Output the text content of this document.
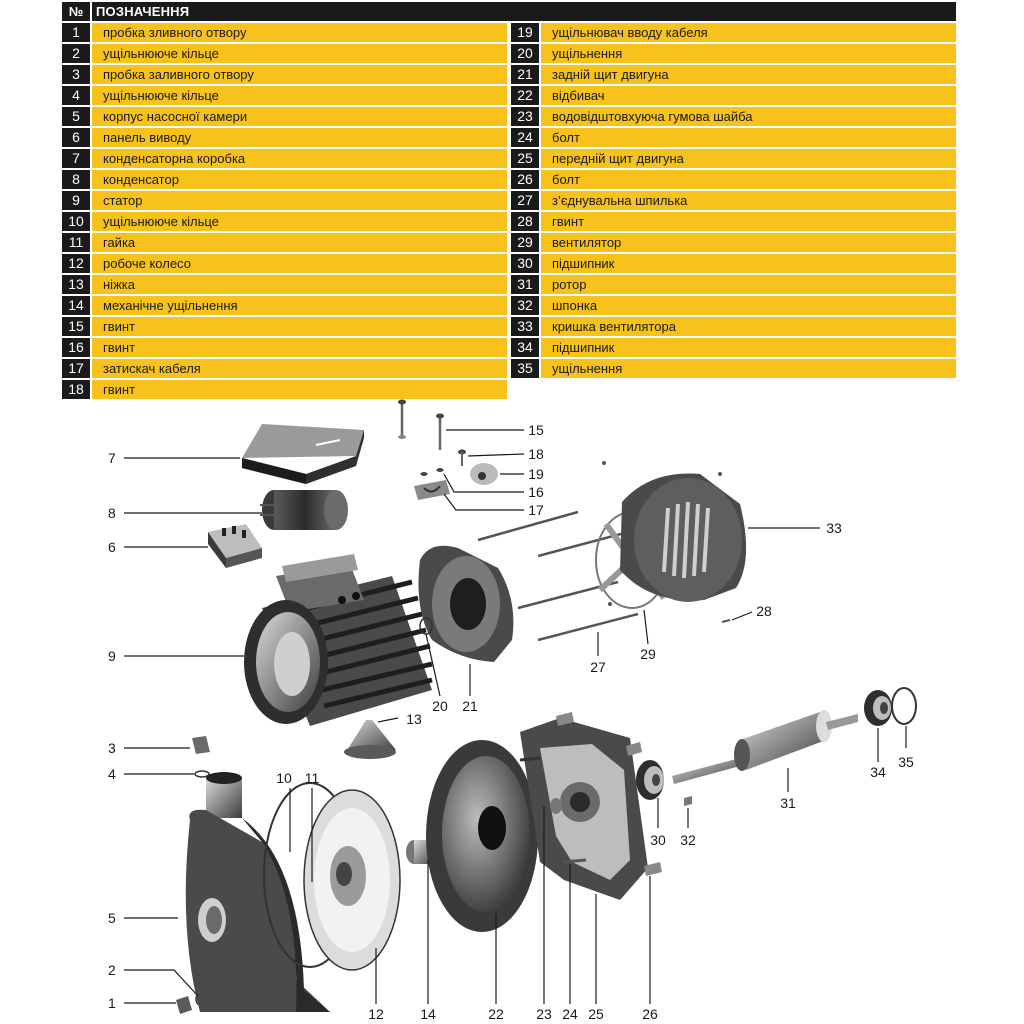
№ ПОЗНАЧЕННЯ
1	пробка зливного отвору
2	ущільнююче кільце
3	пробка заливного отвору
4	ущільнююче кільце
5	корпус насосної камери
6	панель виводу
7	конденсаторна коробка
8	конденсатор
9	статор
10	ущільнююче кільце
11	гайка
12	робоче колесо
13	ніжка
14	механічне ущільнення
15	гвинт
16	гвинт
17	затискач кабеля
18	гвинт
19	ущільнювач вводу кабеля
20	ущільнення
21	задній щит двигуна
22	відбивач
23	водовідштовхуюча гумова шайба
24	болт
25	передній щит двигуна
26	болт
27	з’єднувальна шпилька
28	гвинт
29	вентилятор
30	підшипник
31	ротор
32	шпонка
33	кришка вентилятора
34	підшипник
35	ущільнення
7
8
6
9
3
4
5
2
1
10 11
12
13
14
15
16
17
18
19
20 21
22 23 24 25	26
27
28
29
30
31
32
33
34
35
